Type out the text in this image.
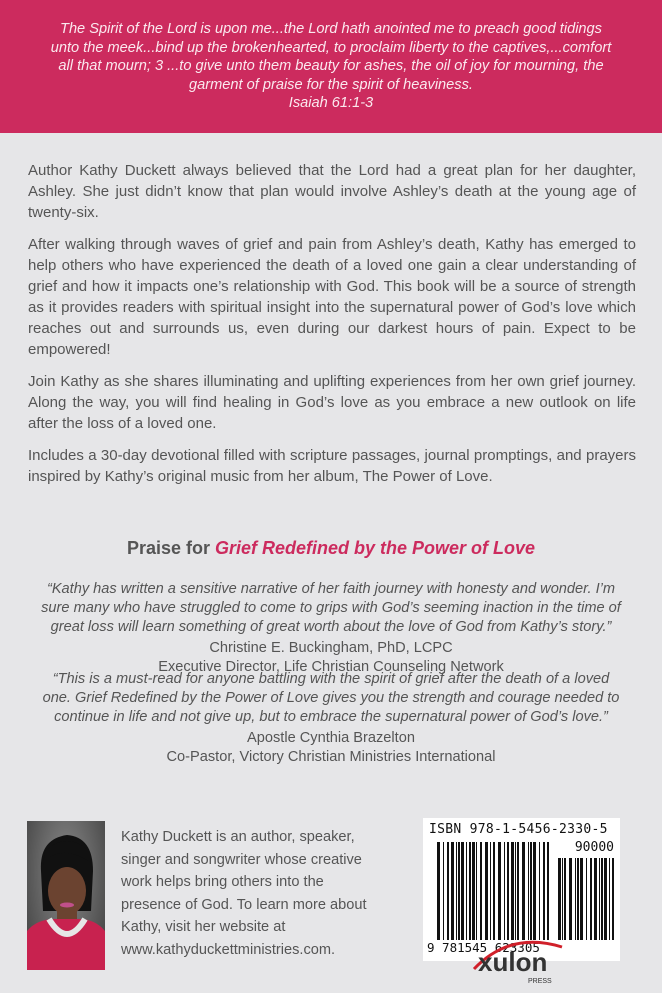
The Spirit of the Lord is upon me...the Lord hath anointed me to preach good tidings unto the meek...bind up the brokenhearted, to proclaim liberty to the captives,...comfort all that mourn; 3 ...to give unto them beauty for ashes, the oil of joy for mourning, the garment of praise for the spirit of heaviness.
Isaiah 61:1-3

Author Kathy Duckett always believed that the Lord had a great plan for her daughter, Ashley. She just didn’t know that plan would involve Ashley’s death at the young age of twenty-six.

After walking through waves of grief and pain from Ashley’s death, Kathy has emerged to help others who have experienced the death of a loved one gain a clear understanding of grief and how it impacts one’s relationship with God. This book will be a source of strength as it provides readers with spiritual insight into the supernatural power of God’s love which reaches out and surrounds us, even during our darkest hours of pain. Expect to be empowered!

Join Kathy as she shares illuminating and uplifting experiences from her own grief journey. Along the way, you will find healing in God’s love as you embrace a new outlook on life after the loss of a loved one.

Includes a 30-day devotional filled with scripture passages, journal promptings, and prayers inspired by Kathy’s original music from her album, The Power of Love.

Praise for Grief Redefined by the Power of Love
“Kathy has written a sensitive narrative of her faith journey with honesty and wonder. I’m sure many who have struggled to come to grips with God’s seeming inaction in the time of great loss will learn something of great worth about the love of God from Kathy’s story.”
Christine E. Buckingham, PhD, LCPC
Executive Director, Life Christian Counseling Network
“This is a must-read for anyone battling with the spirit of grief after the death of a loved one. Grief Redefined by the Power of Love gives you the strength and courage needed to continue in life and not give up, but to embrace the supernatural power of God’s love.”
Apostle Cynthia Brazelton
Co-Pastor, Victory Christian Ministries International
Kathy Duckett is an author, speaker, singer and songwriter whose creative work helps bring others into the presence of God. To learn more about Kathy, visit her website at www.kathyduckettministries.com.
ISBN 978-1-5456-2330-5
90000
9 781545 623305
xulon
PRESS
